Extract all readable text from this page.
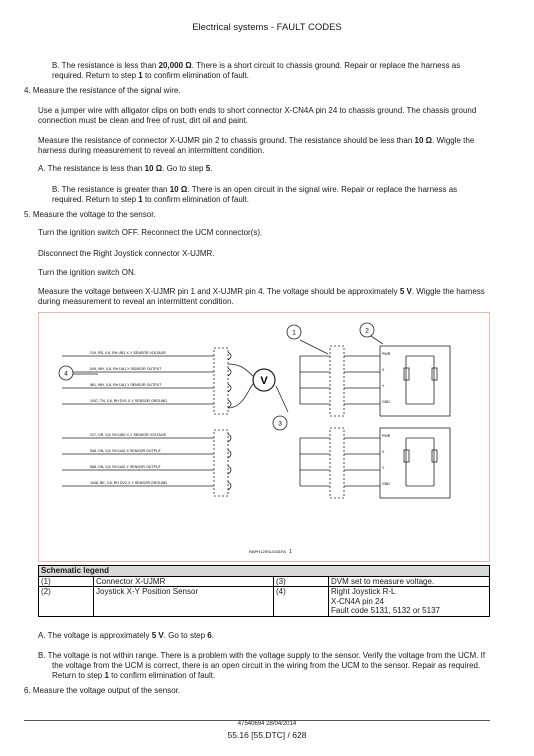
Electrical systems - FAULT CODES
B. The resistance is less than 20,000 Ω. There is a short circuit to chassis ground. Repair or replace the harness as required. Return to step 1 to confirm elimination of fault.
4. Measure the resistance of the signal wire.
Use a jumper wire with alligator clips on both ends to short connector X-CN4A pin 24 to chassis ground. The chassis ground connection must be clean and free of rust, dirt oil and paint.
Measure the resistance of connector X-UJMR pin 2 to chassis ground. The resistance should be less than 10 Ω. Wiggle the harness during measurement to reveal an intermittent condition.
A. The resistance is less than 10 Ω. Go to step 5.
B. The resistance is greater than 10 Ω. There is an open circuit in the signal wire. Repair or replace the harness as required. Return to step 1 to confirm elimination of fault.
5. Measure the voltage to the sensor.
Turn the ignition switch OFF. Reconnect the UCM connector(s).
Disconnect the Right Joystick connector X-UJMR.
Turn the ignition switch ON.
Measure the voltage between X-UJMR pin 1 and X-UJMR pin 4. The voltage should be approximately 5 V. Wiggle the harness during measurement to reveal an intermittent condition.
219, RD, 0,8, RH UB1 X-Y SENSOR VOLTAGE
549, WH, 0,8, RH UA1 X SENSOR OUTPUT
561, WH, 0,8, RH UA1 Y SENSOR OUTPUT
1047, TN, 0,8, RH DV1 X-Y SENSOR GROUND
217, OR, 0,8, RH UB2 X-Y SENSOR VOLTAGE
548, GN, 0,8, RH UA2 X SENSOR OUTPUT
568, GN, 0,8, RH UA2 Y SENSOR OUTPUT
1048, BK, 0,8, RH DV2 X-Y SENSOR GROUND
PWR
X
Y
GND
PWR
X
Y
GND
V
1	2
3
4
RAPH12SSL0331FA 1
Schematic legend			
(1)	Connector X-UJMR	(3)	DVM set to measure voltage.
(2)	Joystick X-Y Position Sensor	(4)	Right Joystick R-L
X-CN4A pin 24
Fault code 5131, 5132 or 5137
A. The voltage is approximately 5 V. Go to step 6.
B. The voltage is not within range. There is a problem with the voltage supply to the sensor. Verify the voltage from the UCM. If the voltage from the UCM is correct, there is an open circuit in the wiring from the UCM to the sensor. Repair as required. Return to step 1 to confirm elimination of fault.
6. Measure the voltage output of the sensor.
47540694 28/04/2014
55.16 [55.DTC] / 628
